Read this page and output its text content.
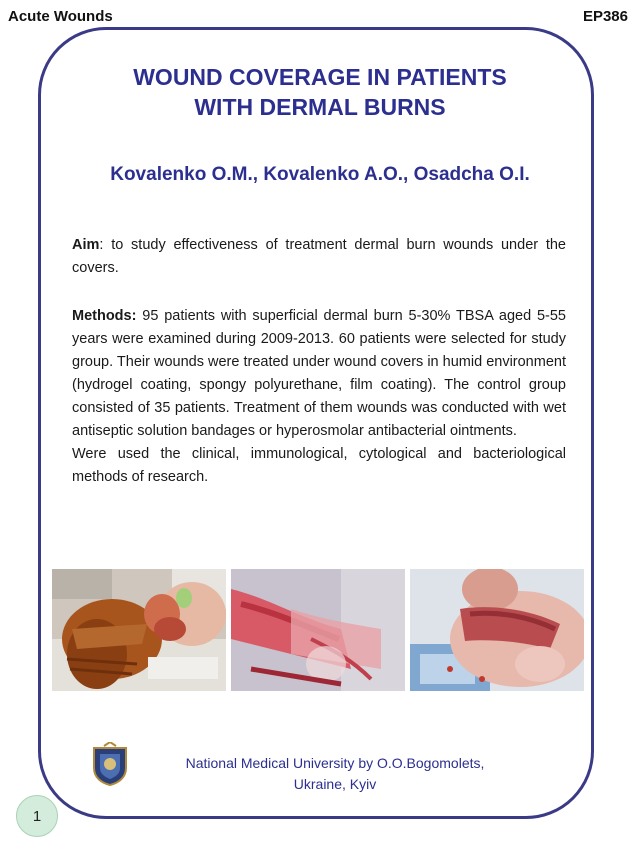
Acute Wounds	EP386
WOUND COVERAGE IN PATIENTS
WITH DERMAL BURNS
Kovalenko O.M., Kovalenko A.O., Osadcha O.I.
Aim: to study effectiveness of treatment dermal burn wounds under the covers.
Methods: 95 patients with superficial dermal burn 5-30% TBSA aged 5-55 years were examined during 2009-2013. 60 patients were selected for study group. Their wounds were treated under wound covers in humid environment (hydrogel coating, spongy polyurethane, film coating). The control group consisted of 35 patients. Treatment of them wounds was conducted with wet antiseptic solution bandages or hyperosmolar antibacterial ointments.
Were used the clinical, immunological, cytological and bacteriological methods of research.
National Medical University by O.O.Bogomolets,
Ukraine, Kyiv
1
